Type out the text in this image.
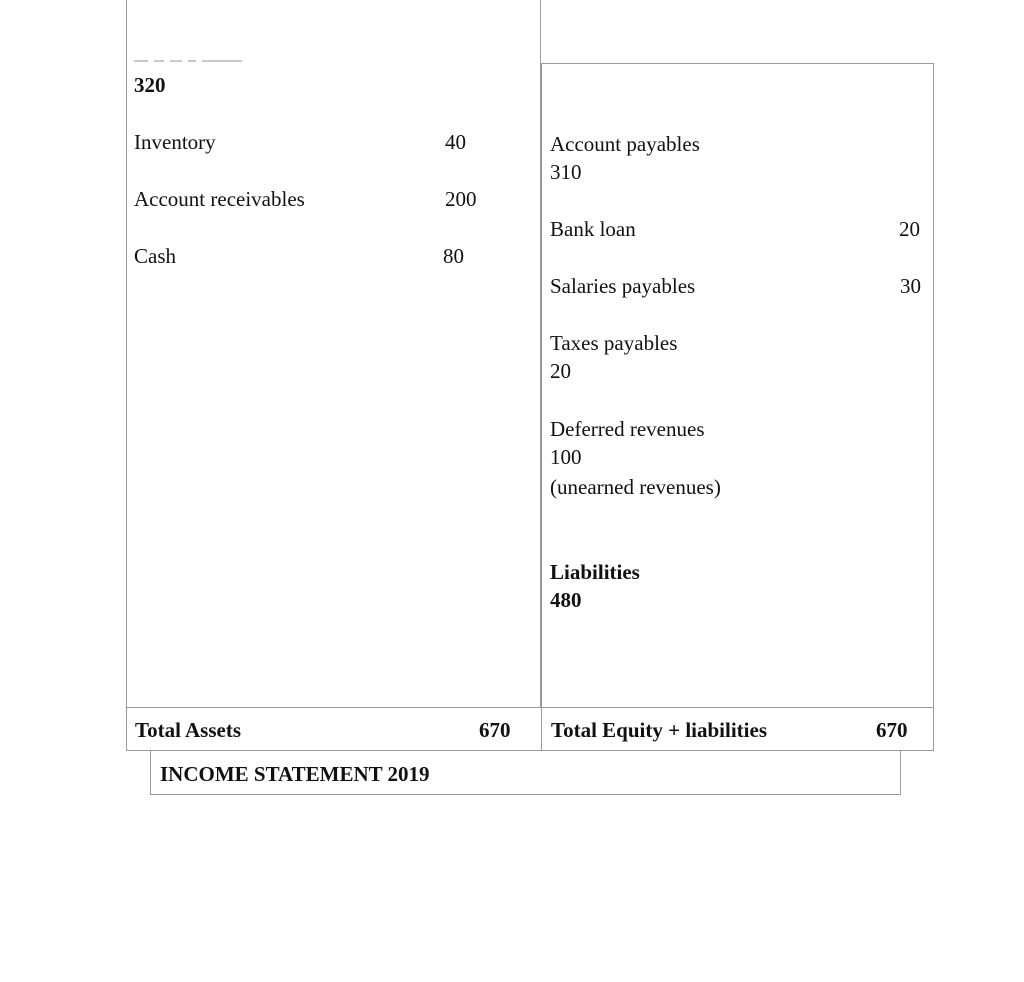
320
Inventory	40
Account receivables	200
Cash	80
Account payables
310
Bank loan	20
Salaries payables	30
Taxes payables
20
Deferred revenues
100
(unearned revenues)
Liabilities
480
Total Assets	670 Total Equity + liabilities	670
INCOME STATEMENT 2019
